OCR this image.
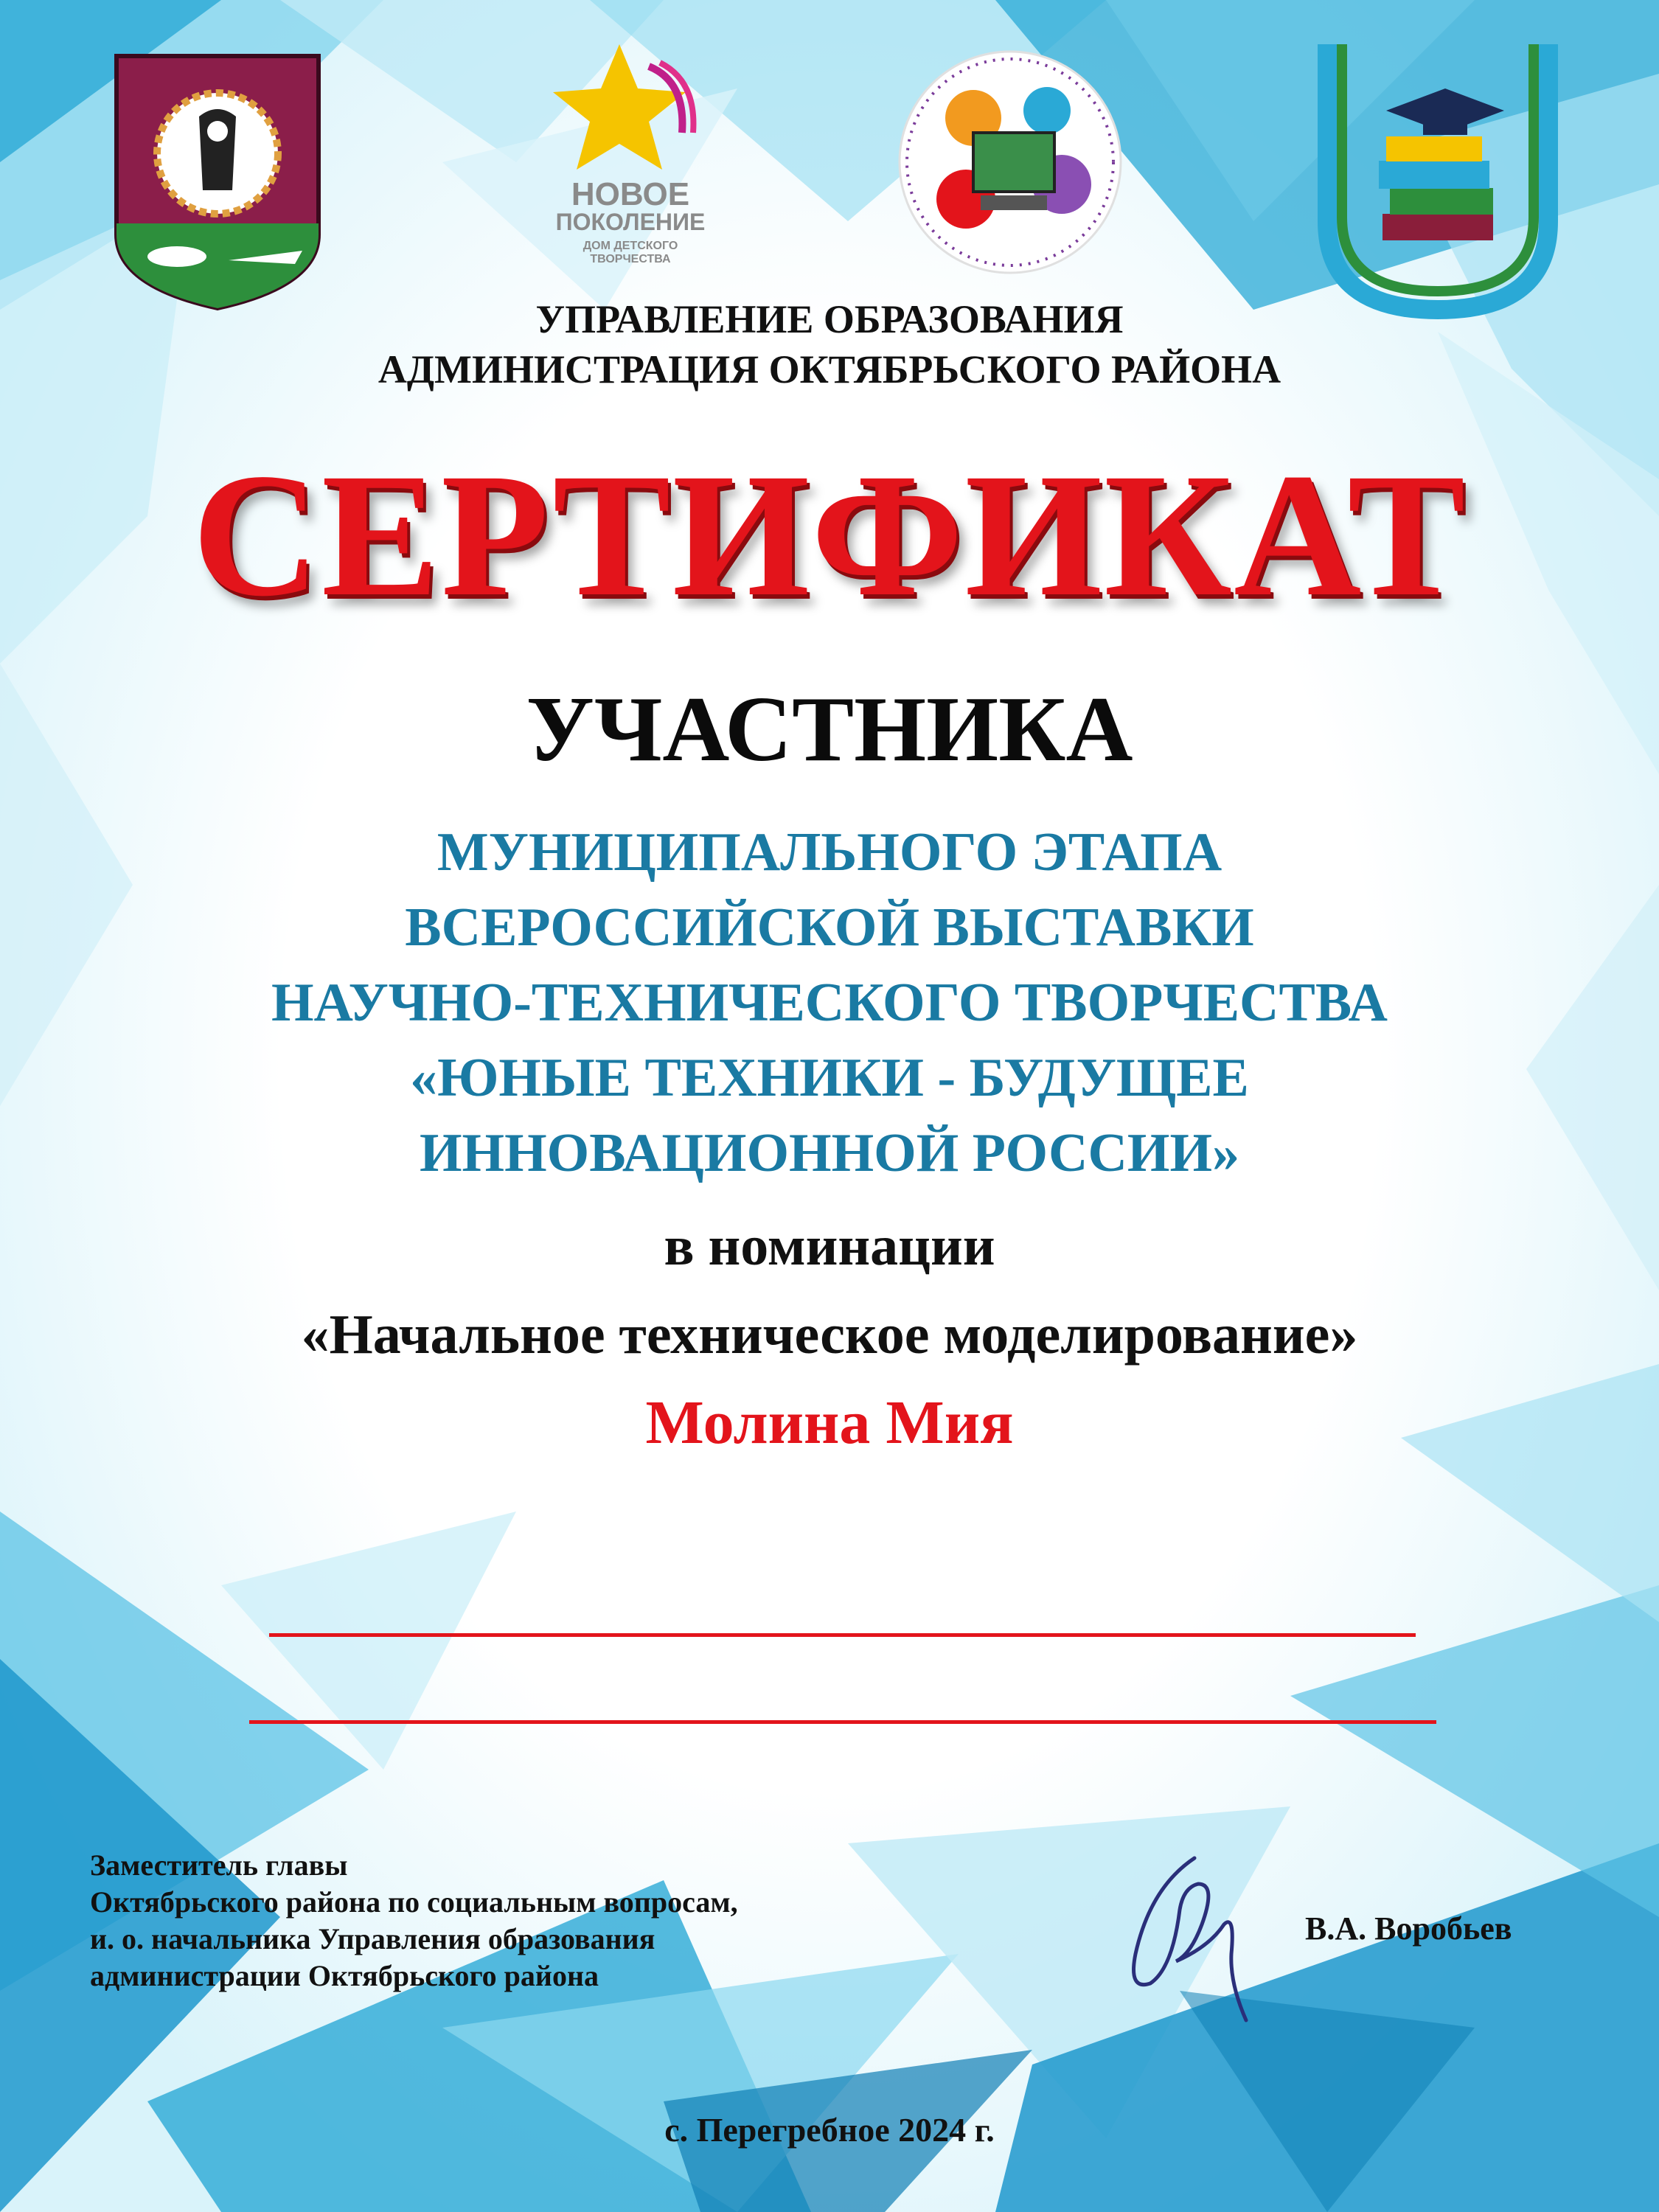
НОВОЕ
ПОКОЛЕНИЕ
ДОМ ДЕТСКОГО
ТВОРЧЕСТВА
УПРАВЛЕНИЕ ОБРАЗОВАНИЯ
АДМИНИСТРАЦИЯ ОКТЯБРЬСКОГО РАЙОНА
СЕРТИФИКАТ
УЧАСТНИКА
МУНИЦИПАЛЬНОГО ЭТАПА
ВСЕРОССИЙСКОЙ ВЫСТАВКИ
НАУЧНО-ТЕХНИЧЕСКОГО ТВОРЧЕСТВА
«ЮНЫЕ ТЕХНИКИ - БУДУЩЕЕ
ИННОВАЦИОННОЙ РОССИИ»
в номинации
«Начальное техническое моделирование»
Молина Мия
Заместитель главы
Октябрьского района по социальным вопросам,
и. о. начальника Управления образования
администрации Октябрьского района
В.А. Воробьев
с. Перегребное 2024 г.
